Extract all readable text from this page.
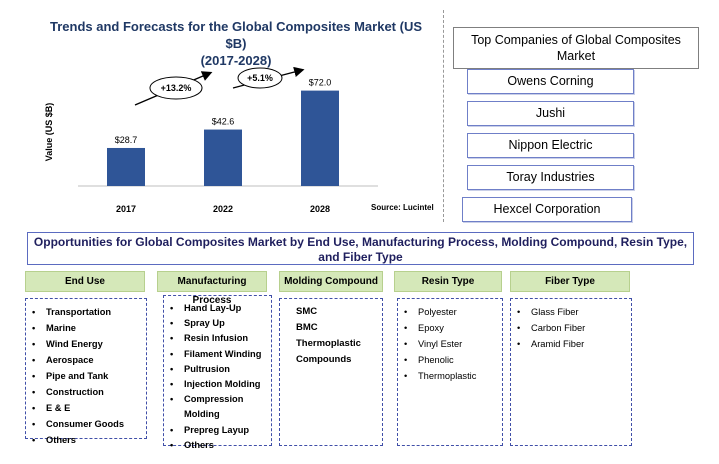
Trends and Forecasts for the Global Composites Market (US $B)
(2017-2028)
Value (US $B)	$28.7
2017
$42.6
2022
$72.0
2028
+13.2%
+5.1%
Source: Lucintel
Top Companies of Global Composites Market
Owens Corning
Jushi
Nippon Electric
Toray Industries
Hexcel Corporation
Opportunities for Global Composites Market by End Use, Manufacturing Process, Molding Compound, Resin Type, and Fiber Type
End Use
• Transportation
• Marine
• Wind Energy
• Aerospace
• Pipe and Tank
• Construction
• E & E
• Consumer Goods
• Others
Manufacturing Process
• Hand Lay-Up
• Spray Up
• Resin Infusion
• Filament Winding
• Pultrusion
• Injection Molding
• Compression Molding
• Prepreg Layup
• Others
Molding Compound
SMC
BMC
Thermoplastic Compounds
Resin Type
• Polyester
• Epoxy
• Vinyl Ester
• Phenolic
• Thermoplastic
Fiber Type
• Glass Fiber
• Carbon Fiber
• Aramid Fiber
